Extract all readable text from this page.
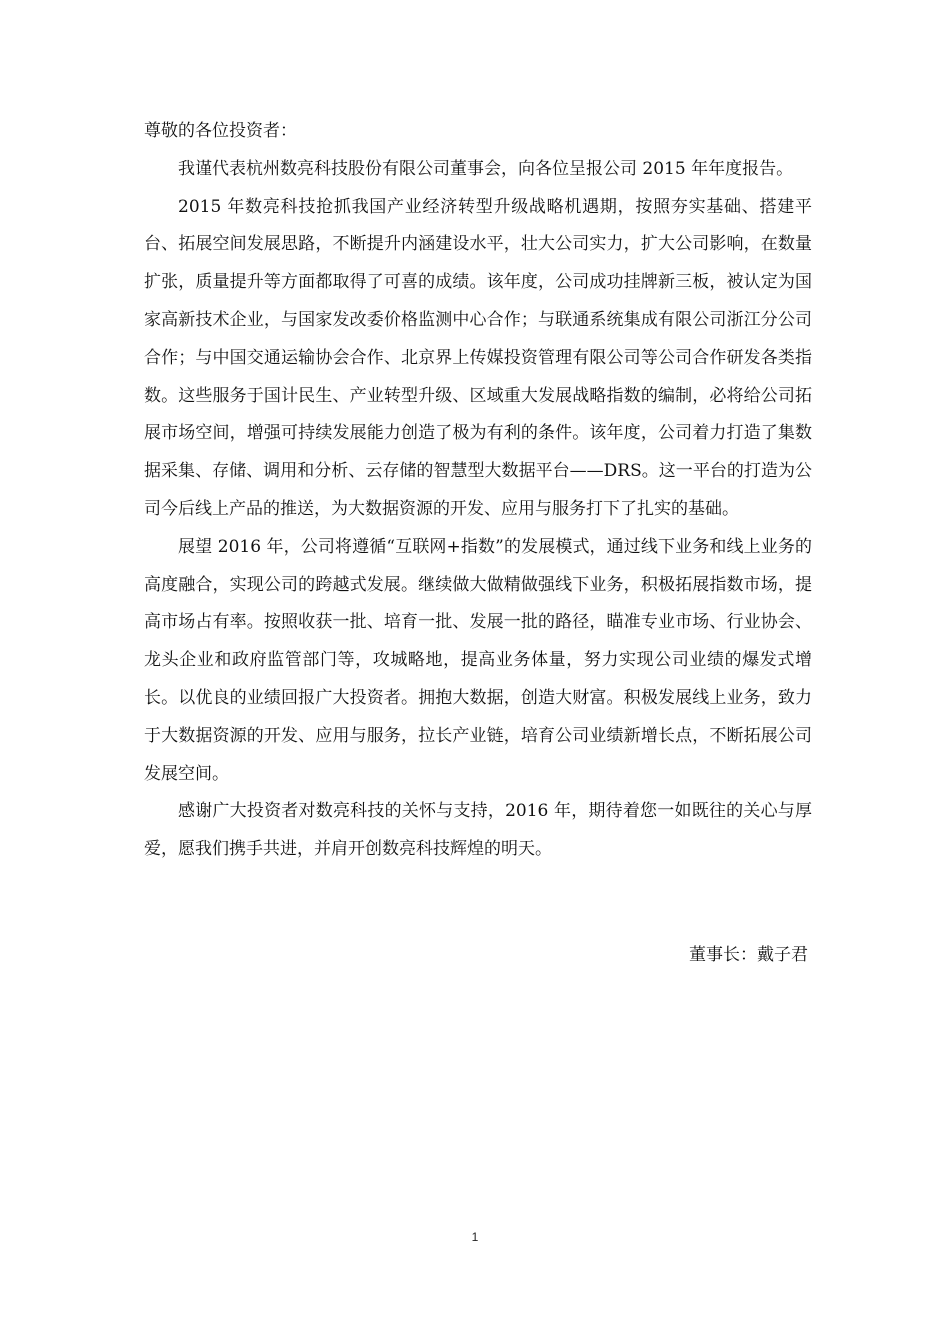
尊敬的各位投资者：

我谨代表杭州数亮科技股份有限公司董事会，向各位呈报公司 2015 年年度报告。

2015 年数亮科技抢抓我国产业经济转型升级战略机遇期，按照夯实基础、搭建平台、拓展空间发展思路，不断提升内涵建设水平，壮大公司实力，扩大公司影响，在数量扩张，质量提升等方面都取得了可喜的成绩。该年度，公司成功挂牌新三板，被认定为国家高新技术企业，与国家发改委价格监测中心合作；与联通系统集成有限公司浙江分公司合作；与中国交通运输协会合作、北京界上传媒投资管理有限公司等公司合作研发各类指数。这些服务于国计民生、产业转型升级、区域重大发展战略指数的编制，必将给公司拓展市场空间，增强可持续发展能力创造了极为有利的条件。该年度，公司着力打造了集数据采集、存储、调用和分析、云存储的智慧型大数据平台——DRS。这一平台的打造为公司今后线上产品的推送，为大数据资源的开发、应用与服务打下了扎实的基础。

展望 2016 年，公司将遵循“互联网+指数”的发展模式，通过线下业务和线上业务的高度融合，实现公司的跨越式发展。继续做大做精做强线下业务，积极拓展指数市场，提高市场占有率。按照收获一批、培育一批、发展一批的路径，瞄准专业市场、行业协会、龙头企业和政府监管部门等，攻城略地，提高业务体量，努力实现公司业绩的爆发式增长。以优良的业绩回报广大投资者。拥抱大数据，创造大财富。积极发展线上业务，致力于大数据资源的开发、应用与服务，拉长产业链，培育公司业绩新增长点，不断拓展公司发展空间。

感谢广大投资者对数亮科技的关怀与支持，2016 年，期待着您一如既往的关心与厚爱，愿我们携手共进，并肩开创数亮科技辉煌的明天。

董事长：戴子君
1
